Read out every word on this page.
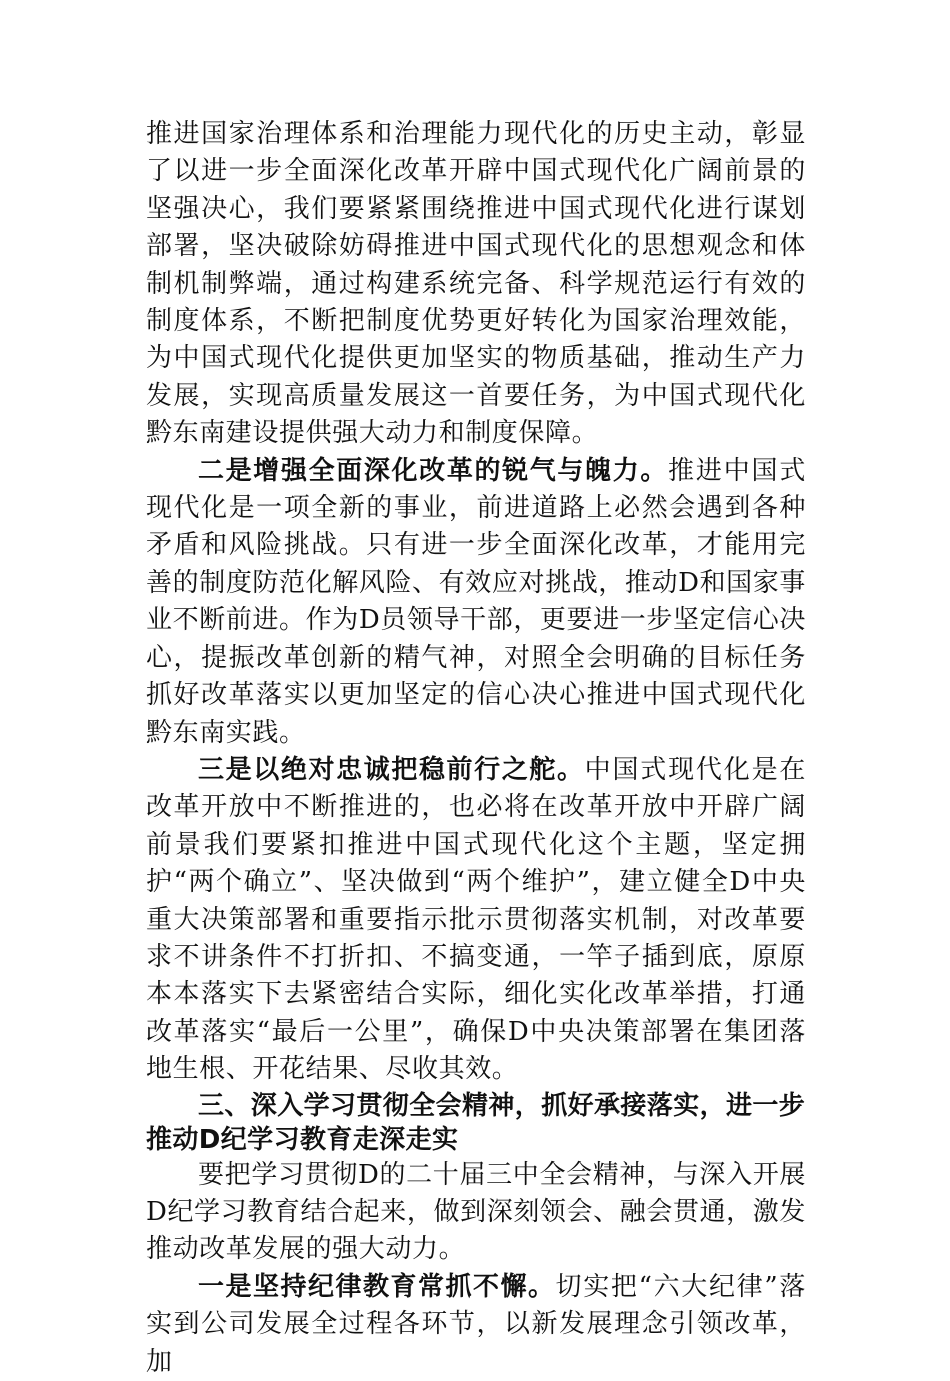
推进国家治理体系和治理能力现代化的历史主动，彰显了以进一步全面深化改革开辟中国式现代化广阔前景的坚强决心，我们要紧紧围绕推进中国式现代化进行谋划部署，坚决破除妨碍推进中国式现代化的思想观念和体制机制弊端，通过构建系统完备、科学规范运行有效的制度体系，不断把制度优势更好转化为国家治理效能，为中国式现代化提供更加坚实的物质基础，推动生产力发展，实现高质量发展这一首要任务，为中国式现代化黔东南建设提供强大动力和制度保障。

二是增强全面深化改革的锐气与魄力。推进中国式现代化是一项全新的事业，前进道路上必然会遇到各种矛盾和风险挑战。只有进一步全面深化改革，才能用完善的制度防范化解风险、有效应对挑战，推动D和国家事业不断前进。作为D员领导干部，更要进一步坚定信心决心，提振改革创新的精气神，对照全会明确的目标任务抓好改革落实以更加坚定的信心决心推进中国式现代化黔东南实践。

三是以绝对忠诚把稳前行之舵。中国式现代化是在改革开放中不断推进的，也必将在改革开放中开辟广阔前景我们要紧扣推进中国式现代化这个主题，坚定拥护“两个确立”、坚决做到“两个维护”，建立健全D中央重大决策部署和重要指示批示贯彻落实机制，对改革要求不讲条件不打折扣、不搞变通，一竿子插到底，原原本本落实下去紧密结合实际，细化实化改革举措，打通改革落实“最后一公里”，确保D中央决策部署在集团落地生根、开花结果、尽收其效。

三、深入学习贯彻全会精神，抓好承接落实，进一步推动D纪学习教育走深走实

要把学习贯彻D的二十届三中全会精神，与深入开展D纪学习教育结合起来，做到深刻领会、融会贯通，激发推动改革发展的强大动力。

一是坚持纪律教育常抓不懈。切实把“六大纪律”落实到公司发展全过程各环节，以新发展理念引领改革，加
